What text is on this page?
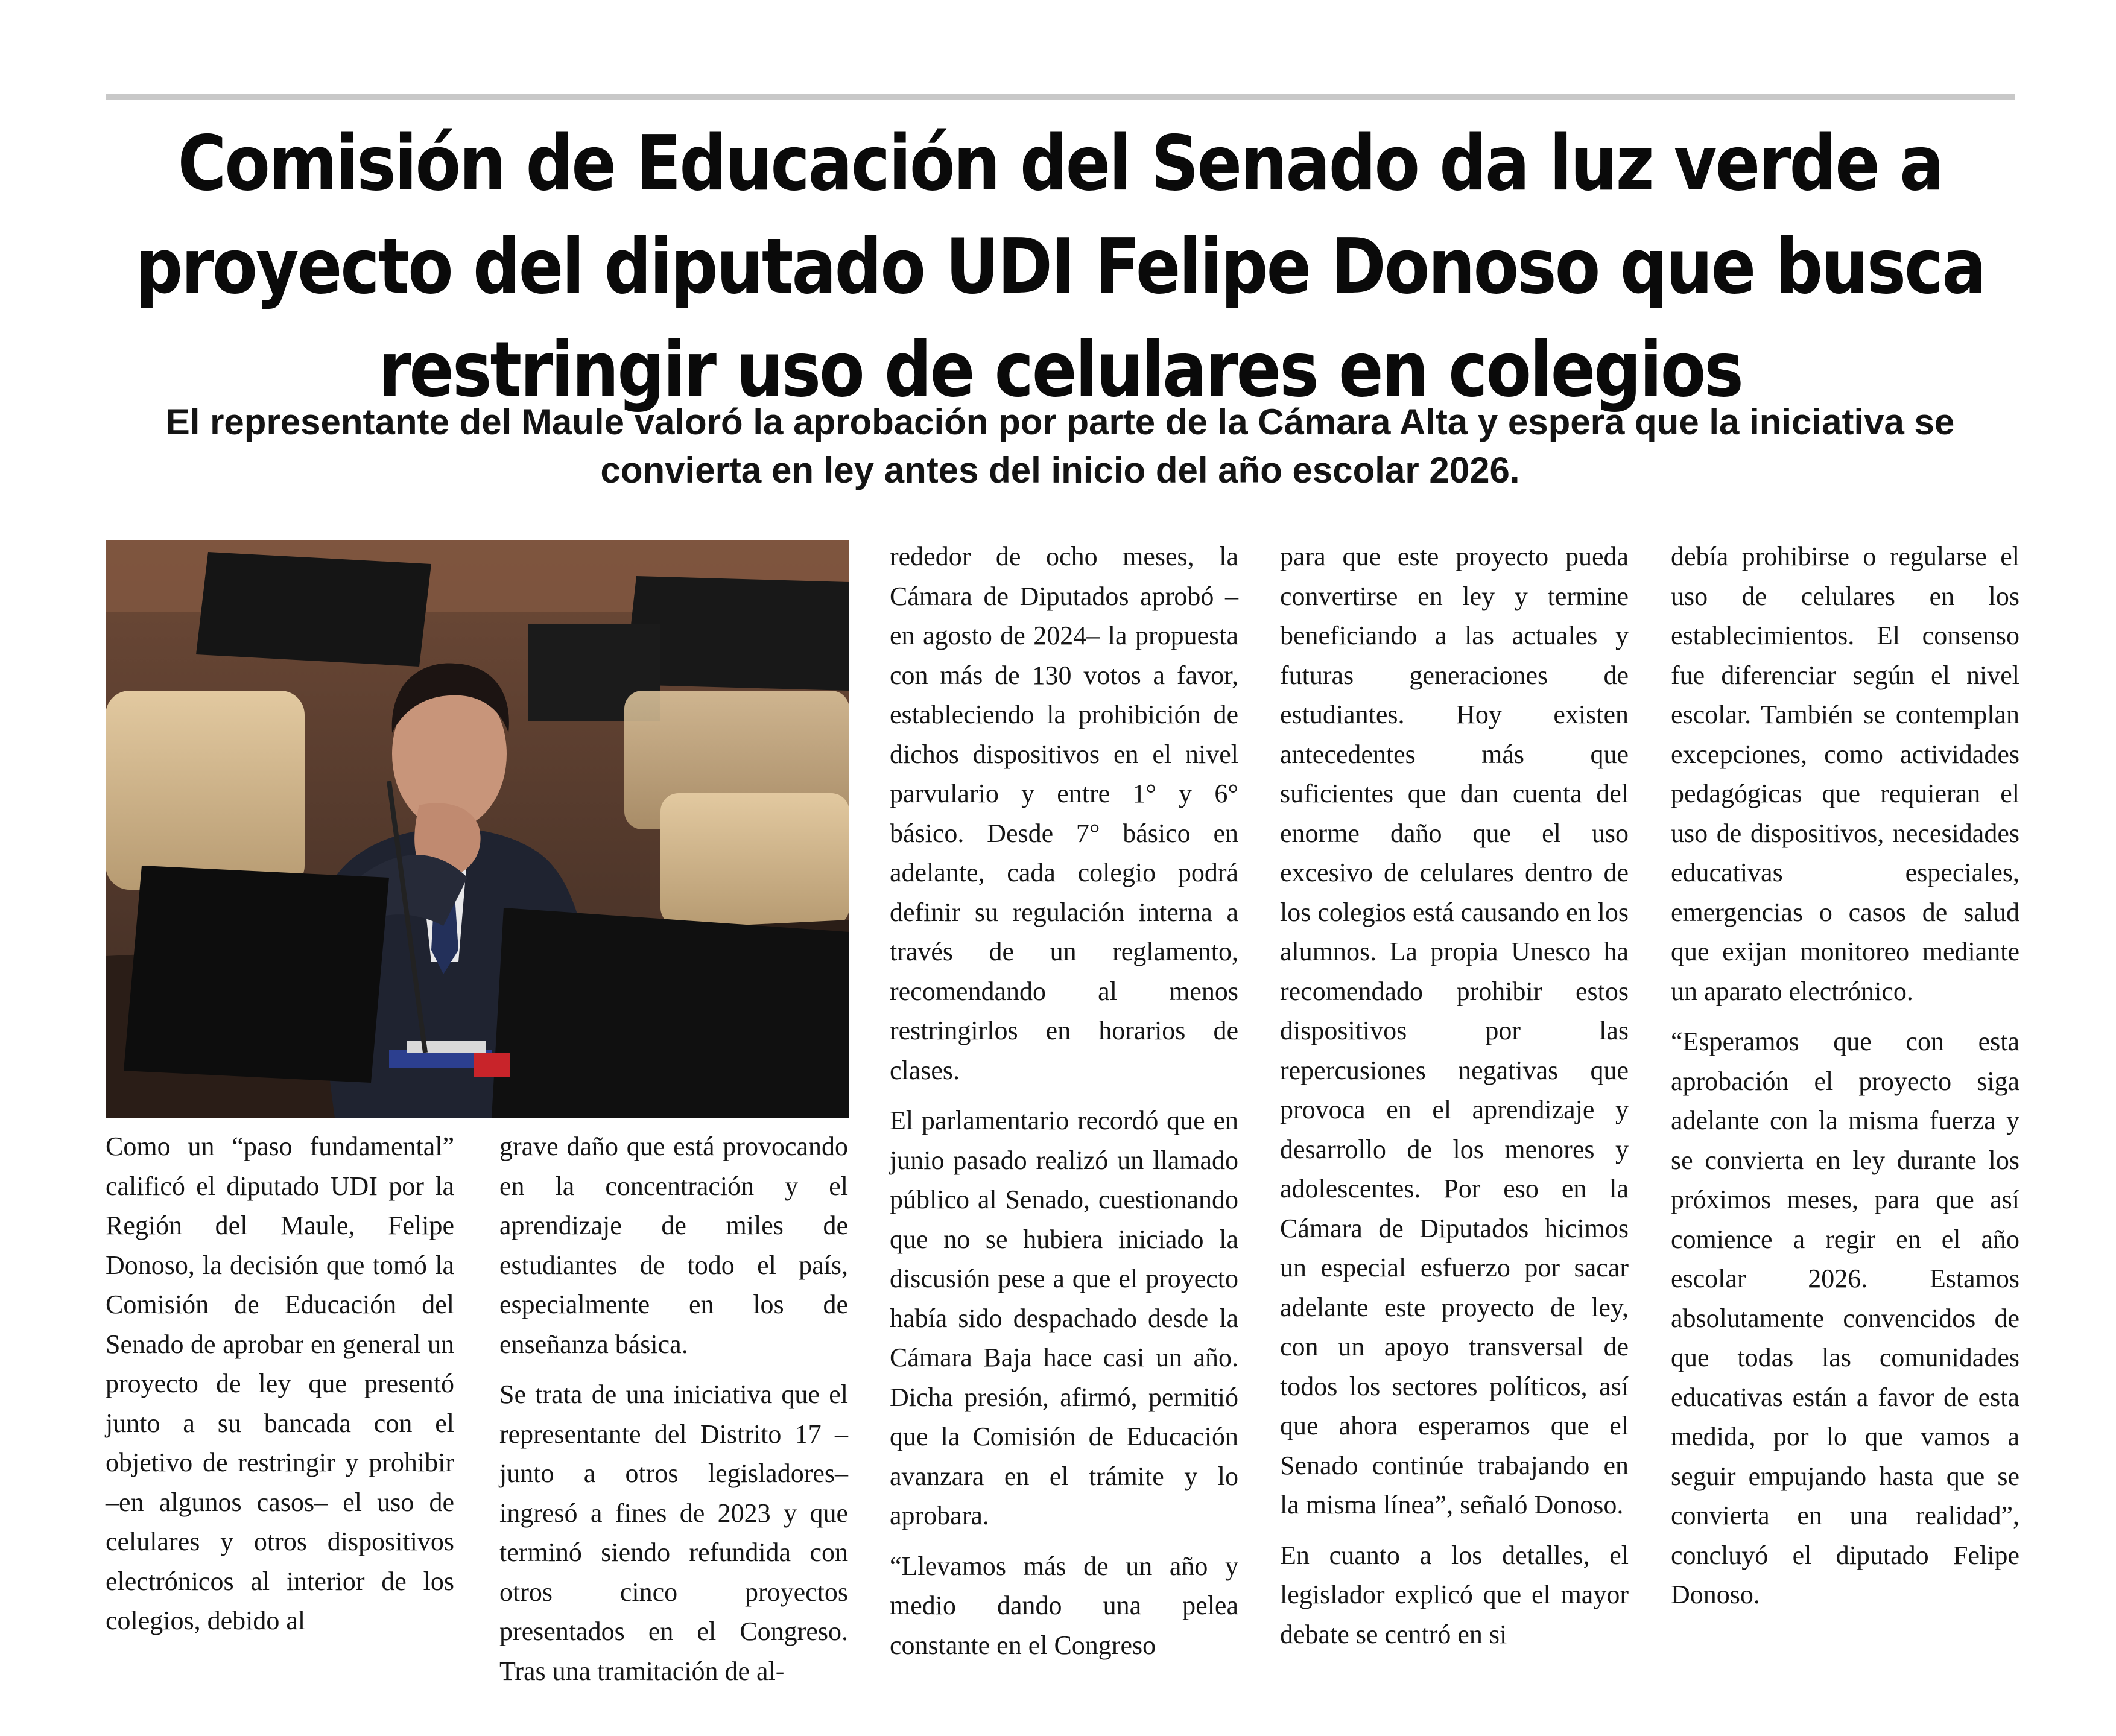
Comisión de Educación del Senado da luz verde a proyecto del diputado UDI Felipe Donoso que busca restringir uso de celulares en colegios
El representante del Maule valoró la aprobación por parte de la Cámara Alta y espera que la iniciativa se convierta en ley antes del inicio del año escolar 2026.

Como un “paso fundamental” calificó el diputado UDI por la Región del Maule, Felipe Donoso, la decisión que tomó la Comisión de Educación del Senado de aprobar en general un proyecto de ley que presentó junto a su bancada con el objetivo de restringir y prohibir –en algunos casos– el uso de celulares y otros dispositivos electrónicos al interior de los colegios, debido al

grave daño que está provocando en la concentración y el aprendizaje de miles de estudiantes de todo el país, especialmente en los de enseñanza básica.

Se trata de una iniciativa que el representante del Distrito 17 –junto a otros legisladores– ingresó a fines de 2023 y que terminó siendo refundida con otros cinco proyectos presentados en el Congreso. Tras una tramitación de al-

rededor de ocho meses, la Cámara de Diputados aprobó –en agosto de 2024– la propuesta con más de 130 votos a favor, estableciendo la prohibición de dichos dispositivos en el nivel parvulario y entre 1° y 6° básico. Desde 7° básico en adelante, cada colegio podrá definir su regulación interna a través de un reglamento, recomendando al menos restringirlos en horarios de clases.

El parlamentario recordó que en junio pasado realizó un llamado público al Senado, cuestionando que no se hubiera iniciado la discusión pese a que el proyecto había sido despachado desde la Cámara Baja hace casi un año. Dicha presión, afirmó, permitió que la Comisión de Educación avanzara en el trámite y lo aprobara.

“Llevamos más de un año y medio dando una pelea constante en el Congreso

para que este proyecto pueda convertirse en ley y termine beneficiando a las actuales y futuras generaciones de estudiantes. Hoy existen antecedentes más que suficientes que dan cuenta del enorme daño que el uso excesivo de celulares dentro de los colegios está causando en los alumnos. La propia Unesco ha recomendado prohibir estos dispositivos por las repercusiones negativas que provoca en el aprendizaje y desarrollo de los menores y adolescentes. Por eso en la Cámara de Diputados hicimos un especial esfuerzo por sacar adelante este proyecto de ley, con un apoyo transversal de todos los sectores políticos, así que ahora esperamos que el Senado continúe trabajando en la misma línea”, señaló Donoso.

En cuanto a los detalles, el legislador explicó que el mayor debate se centró en si

debía prohibirse o regularse el uso de celulares en los establecimientos. El consenso fue diferenciar según el nivel escolar. También se contemplan excepciones, como actividades pedagógicas que requieran el uso de dispositivos, necesidades educativas especiales, emergencias o casos de salud que exijan monitoreo mediante un aparato electrónico.

“Esperamos que con esta aprobación el proyecto siga adelante con la misma fuerza y se convierta en ley durante los próximos meses, para que así comience a regir en el año escolar 2026. Estamos absolutamente convencidos de que todas las comunidades educativas están a favor de esta medida, por lo que vamos a seguir empujando hasta que se convierta en una realidad”, concluyó el diputado Felipe Donoso.
